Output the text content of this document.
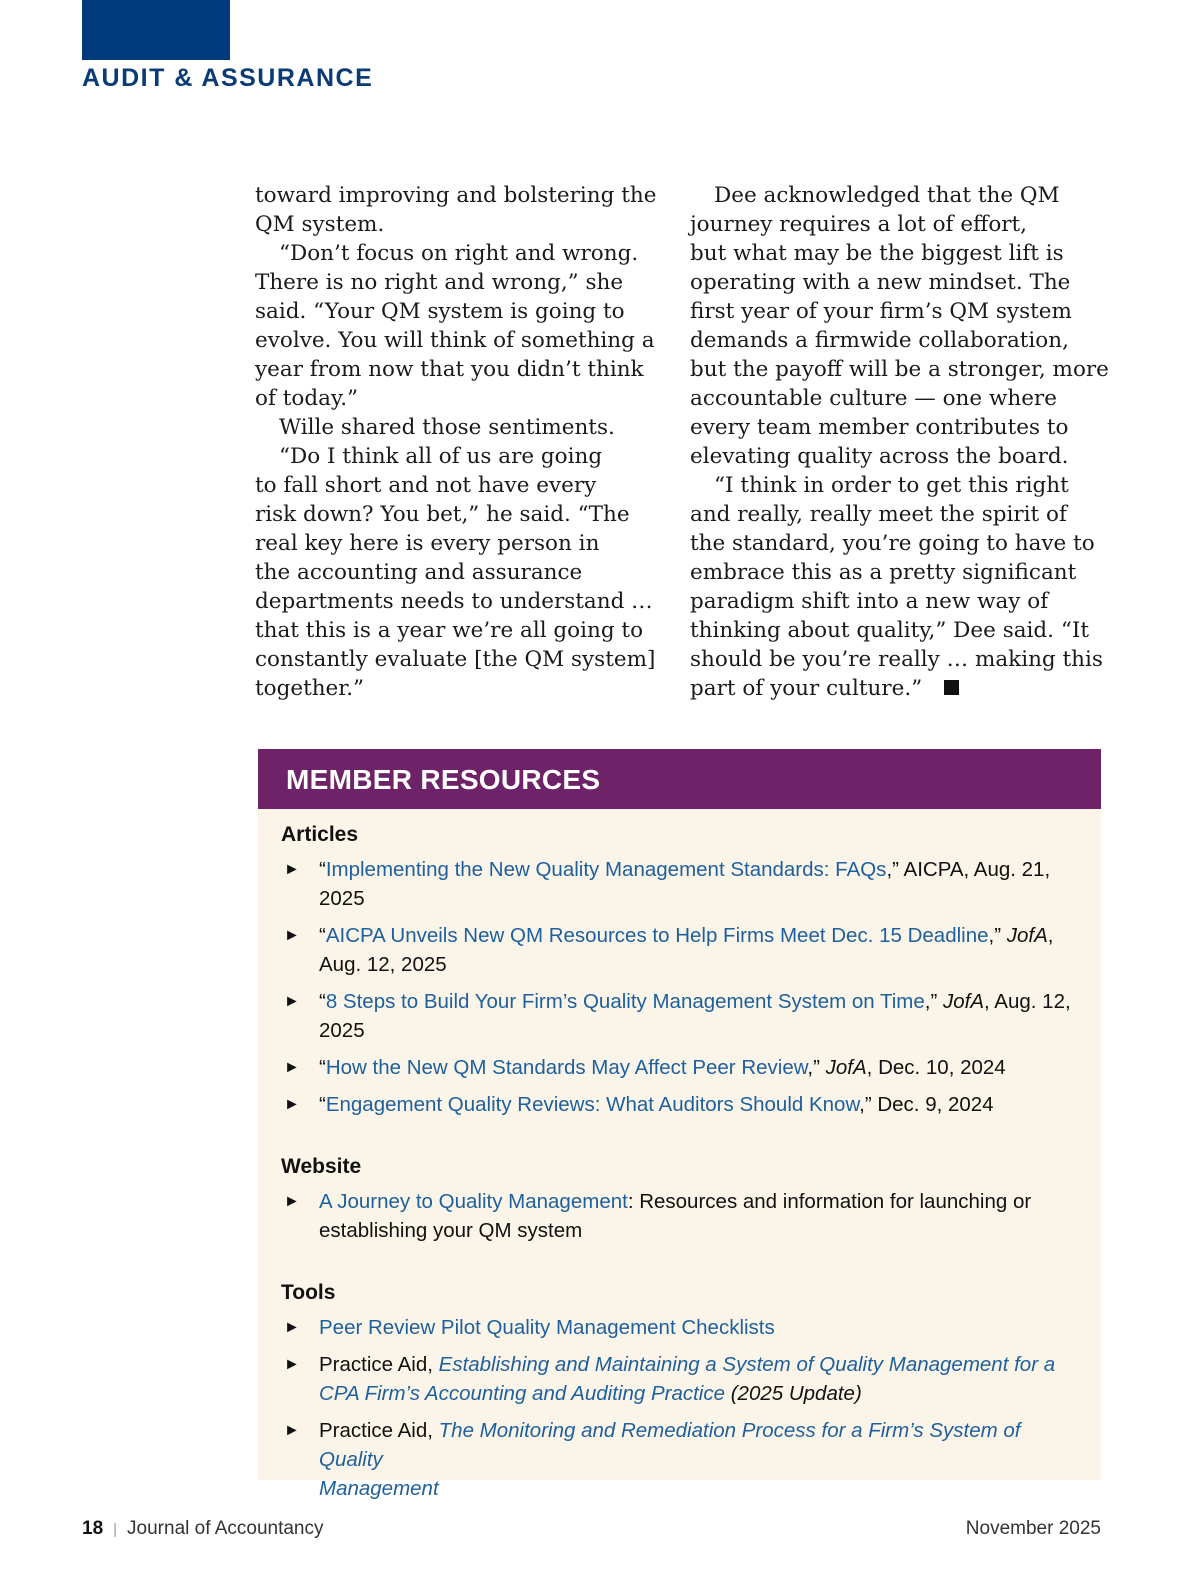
AUDIT & ASSURANCE

toward improving and bolstering the

QM system.

“Don’t focus on right and wrong.

There is no right and wrong,” she

said. “Your QM system is going to

evolve. You will think of something a

year from now that you didn’t think

of today.”

Wille shared those sentiments.

“Do I think all of us are going

to fall short and not have every

risk down? You bet,” he said. “The

real key here is every person in

the accounting and assurance

departments needs to understand …

that this is a year we’re all going to

constantly evaluate [the QM system]

together.”

Dee acknowledged that the QM

journey requires a lot of effort,

but what may be the biggest lift is

operating with a new mindset. The

first year of your firm’s QM system

demands a firmwide collaboration,

but the payoff will be a stronger, more

accountable culture — one where

every team member contributes to

elevating quality across the board.

“I think in order to get this right

and really, really meet the spirit of

the standard, you’re going to have to

embrace this as a pretty significant

paradigm shift into a new way of

thinking about quality,” Dee said. “It

should be you’re really … making this

part of your culture.”

MEMBER RESOURCES
Articles
► “Implementing the New Quality Management Standards: FAQs,” AICPA, Aug. 21,
2025
► “AICPA Unveils New QM Resources to Help Firms Meet Dec. 15 Deadline,” JofA,
Aug. 12, 2025
► “8 Steps to Build Your Firm’s Quality Management System on Time,” JofA, Aug. 12,
2025
► “How the New QM Standards May Affect Peer Review,” JofA, Dec. 10, 2024
► “Engagement Quality Reviews: What Auditors Should Know,” Dec. 9, 2024
Website
► A Journey to Quality Management: Resources and information for launching or
establishing your QM system
Tools
► Peer Review Pilot Quality Management Checklists
► Practice Aid, Establishing and Maintaining a System of Quality Management for a
CPA Firm’s Accounting and Auditing Practice (2025 Update)
► Practice Aid, The Monitoring and Remediation Process for a Firm’s System of Quality
Management
18 | Journal of Accountancy	November 2025
